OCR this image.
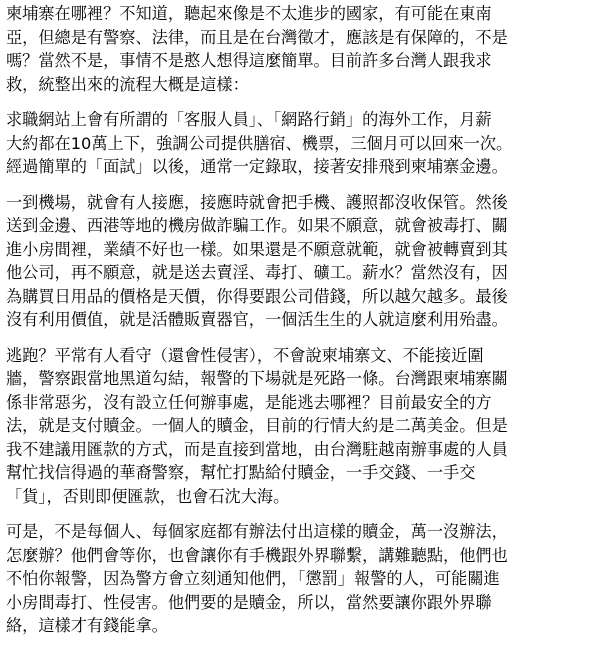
柬埔寨在哪裡？不知道，聽起來像是不太進步的國家，有可能在東南
亞，但總是有警察、法律，而且是在台灣徵才，應該是有保障的，不是
嗎？當然不是，事情不是憨人想得這麼簡單。目前許多台灣人跟我求
救，統整出來的流程大概是這樣：

求職網站上會有所謂的「客服人員」、「網路行銷」的海外工作，月薪
大約都在10萬上下，強調公司提供膳宿、機票，三個月可以回來一次。
經過簡單的「面試」以後，通常一定錄取，接著安排飛到柬埔寨金邊。

一到機場，就會有人接應，接應時就會把手機、護照都沒收保管。然後
送到金邊、西港等地的機房做詐騙工作。如果不願意，就會被毒打、關
進小房間裡，業績不好也一樣。如果還是不願意就範，就會被轉賣到其
他公司，再不願意，就是送去賣淫、毒打、礦工。薪水？當然沒有，因
為購買日用品的價格是天價，你得要跟公司借錢，所以越欠越多。最後
沒有利用價值，就是活體販賣器官，一個活生生的人就這麼利用殆盡。

逃跑？平常有人看守（還會性侵害），不會說柬埔寨文、不能接近圍
牆，警察跟當地黑道勾結，報警的下場就是死路一條。台灣跟柬埔寨關
係非常惡劣，沒有設立任何辦事處，是能逃去哪裡？目前最安全的方
法，就是支付贖金。一個人的贖金，目前的行情大約是二萬美金。但是
我不建議用匯款的方式，而是直接到當地，由台灣駐越南辦事處的人員
幫忙找信得過的華裔警察，幫忙打點給付贖金，一手交錢、一手交
「貨」，否則即便匯款，也會石沈大海。

可是，不是每個人、每個家庭都有辦法付出這樣的贖金，萬一沒辦法，
怎麼辦？他們會等你，也會讓你有手機跟外界聯繫，講難聽點，他們也
不怕你報警，因為警方會立刻通知他們，「懲罰」報警的人，可能關進
小房間毒打、性侵害。他們要的是贖金，所以，當然要讓你跟外界聯
絡，這樣才有錢能拿。
